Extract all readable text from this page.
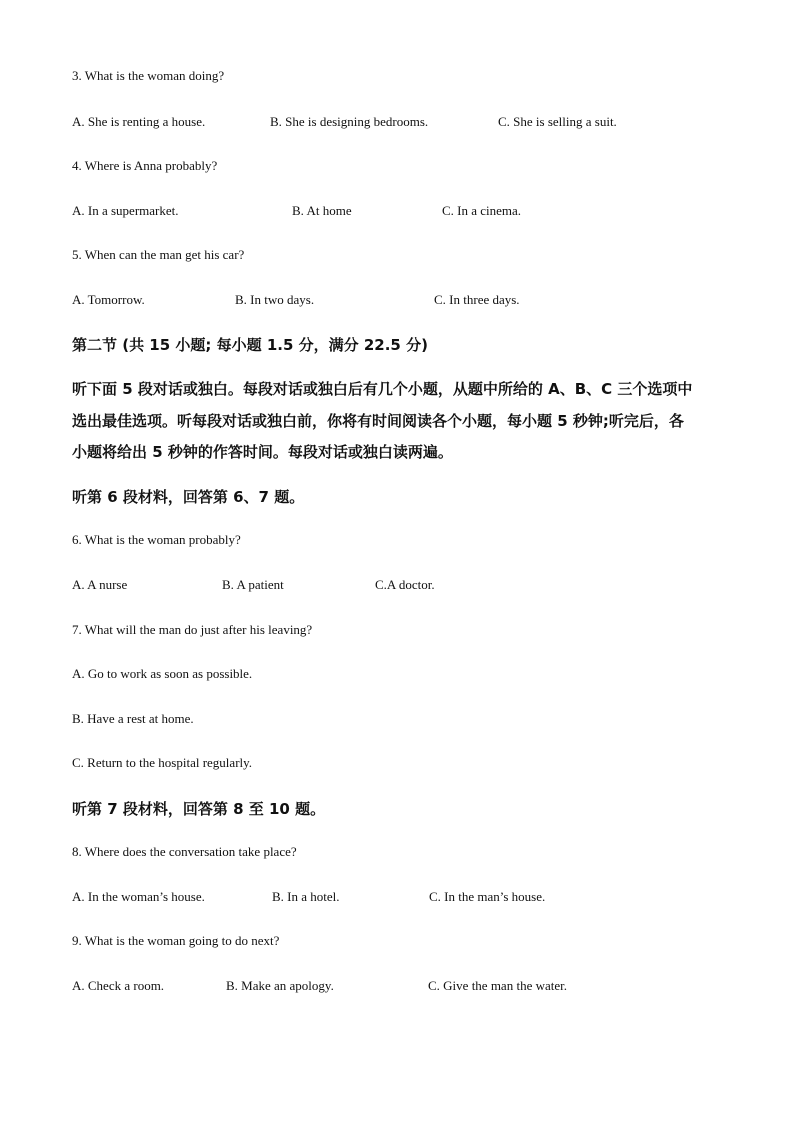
3. What is the woman doing?
A. She is renting a house.	B. She is designing bedrooms.	C. She is selling a suit.
4. Where is Anna probably?
A. In a supermarket.	B. At home	C. In a cinema.
5. When can the man get his car?
A. Tomorrow.	B. In two days.	C. In three days.
第二节 (共 15 小题; 每小题 1.5 分，满分 22.5 分)
听下面 5 段对话或独白。每段对话或独白后有几个小题，从题中所给的 A、B、C 三个选项中
选出最佳选项。听每段对话或独白前，你将有时间阅读各个小题，每小题 5 秒钟;听完后，各
小题将给出 5 秒钟的作答时间。每段对话或独白读两遍。
听第 6 段材料，回答第 6、7 题。
6. What is the woman probably?
A. A nurse	B. A patient	C.A doctor.
7. What will the man do just after his leaving?
A. Go to work as soon as possible.
B. Have a rest at home.
C. Return to the hospital regularly.
听第 7 段材料，回答第 8 至 10 题。
8. Where does the conversation take place?
A. In the woman’s house.	B. In a hotel.	C. In the man’s house.
9. What is the woman going to do next?
A. Check a room.	B. Make an apology.	C. Give the man the water.
